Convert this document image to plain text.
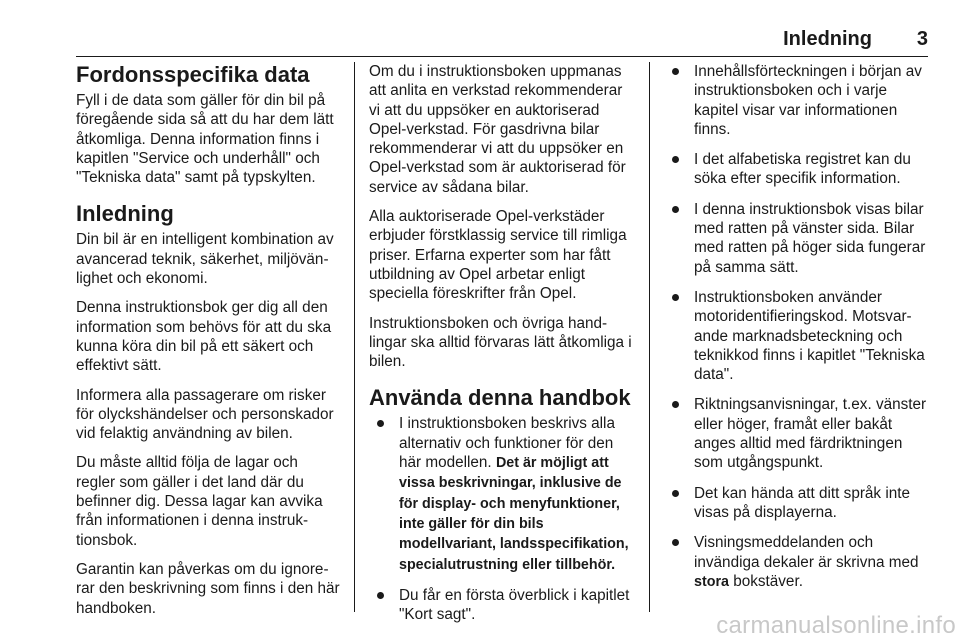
Inledning 3
Fordonsspecifika data

Fyll i de data som gäller för din bil på föregående sida så att du har dem lätt åtkomliga. Denna information finns i kapitlen "Service och underhåll" och "Tekniska data" samt på typskylten.

Inledning

Din bil är en intelligent kombination av avancerad teknik, säkerhet, miljövänlighet och ekonomi.

Denna instruktionsbok ger dig all den information som behövs för att du ska kunna köra din bil på ett säkert och effektivt sätt.

Informera alla passagerare om risker för olyckshändelser och personskador vid felaktig användning av bilen.

Du måste alltid följa de lagar och regler som gäller i det land där du befinner dig. Dessa lagar kan avvika från informationen i denna instruktionsbok.

Garantin kan påverkas om du ignorerar den beskrivning som finns i den här handboken.

Om du i instruktionsboken uppmanas att anlita en verkstad rekommenderar vi att du uppsöker en auktoriserad Opel-verkstad. För gasdrivna bilar rekommenderar vi att du uppsöker en Opel-verkstad som är auktoriserad för service av sådana bilar.

Alla auktoriserade Opel-verkstäder erbjuder förstklassig service till rimliga priser. Erfarna experter som har fått utbildning av Opel arbetar enligt speciella föreskrifter från Opel.

Instruktionsboken och övriga handlingar ska alltid förvaras lätt åtkomliga i bilen.

Använda denna handbok
I instruktionsboken beskrivs alla alternativ och funktioner för den här modellen. Det är möjligt att vissa beskrivningar, inklusive de för display- och menyfunktioner, inte gäller för din bils modellvariant, landsspecifikation, specialutrustning eller tillbehör.
Du får en första överblick i kapitlet "Kort sagt".
Innehållsförteckningen i början av instruktionsboken och i varje kapitel visar var informationen finns.
I det alfabetiska registret kan du söka efter specifik information.
I denna instruktionsbok visas bilar med ratten på vänster sida. Bilar med ratten på höger sida fungerar på samma sätt.
Instruktionsboken använder motoridentifieringskod. Motsvarande marknadsbeteckning och teknikkod finns i kapitlet "Tekniska data".
Riktningsanvisningar, t.ex. vänster eller höger, framåt eller bakåt anges alltid med färdriktningen som utgångspunkt.
Det kan hända att ditt språk inte visas på displayerna.
Visningsmeddelanden och invändiga dekaler är skrivna med stora bokstäver.
carmanualsonline.info
